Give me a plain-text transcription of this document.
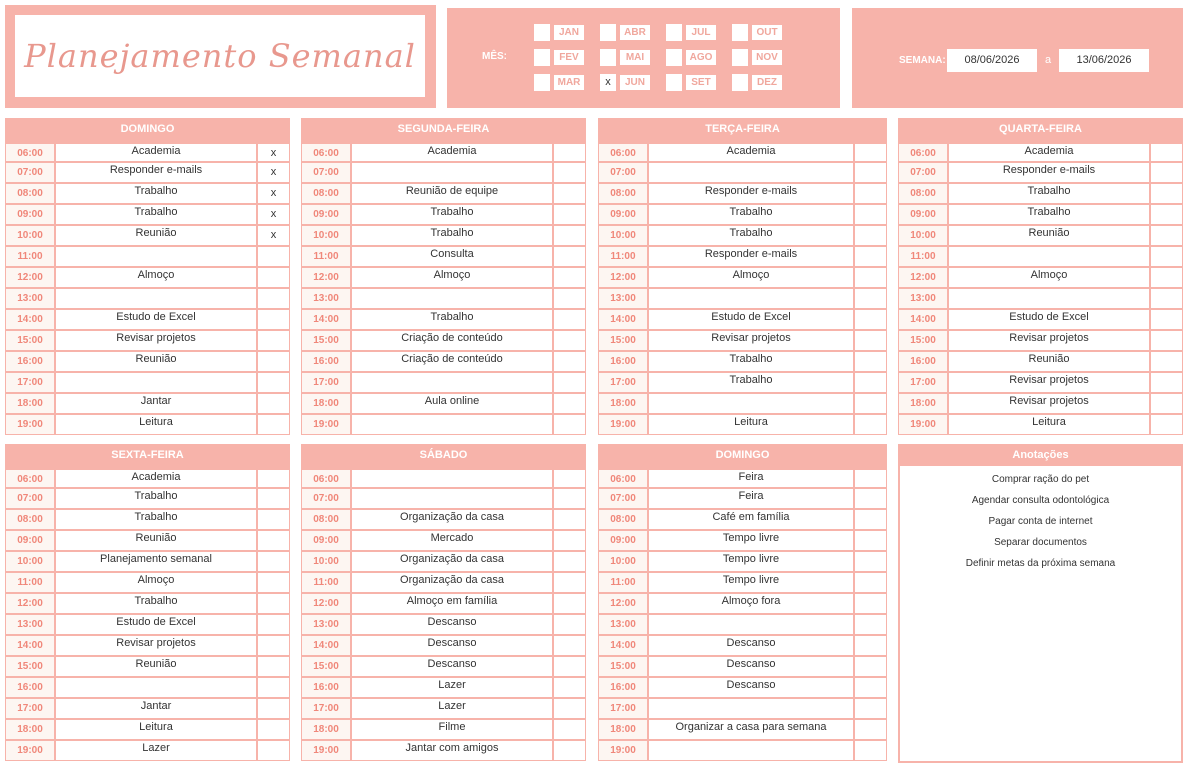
Planejamento Semanal	MÊS:
JAN
FEV
MAR
ABR
MAI
x	JUN
JUL
AGO
SET
OUT
NOV
DEZ
SEMANA:	08/06/2026	a	13/06/2026
DOMINGO
06:00	Academia	x
07:00	Responder e-mails	x
08:00	Trabalho	x
09:00	Trabalho	x
10:00	Reunião	x
11:00
12:00	Almoço
13:00
14:00	Estudo de Excel
15:00	Revisar projetos
16:00	Reunião
17:00
18:00	Jantar
19:00	Leitura
SEGUNDA-FEIRA
06:00	Academia
07:00
08:00	Reunião de equipe
09:00	Trabalho
10:00	Trabalho
11:00	Consulta
12:00	Almoço
13:00
14:00	Trabalho
15:00	Criação de conteúdo
16:00	Criação de conteúdo
17:00
18:00	Aula online
19:00
TERÇA-FEIRA
06:00	Academia
07:00
08:00	Responder e-mails
09:00	Trabalho
10:00	Trabalho
11:00	Responder e-mails
12:00	Almoço
13:00
14:00	Estudo de Excel
15:00	Revisar projetos
16:00	Trabalho
17:00	Trabalho
18:00
19:00	Leitura
QUARTA-FEIRA
06:00	Academia
07:00	Responder e-mails
08:00	Trabalho
09:00	Trabalho
10:00	Reunião
11:00
12:00	Almoço
13:00
14:00	Estudo de Excel
15:00	Revisar projetos
16:00	Reunião
17:00	Revisar projetos
18:00	Revisar projetos
19:00	Leitura
SEXTA-FEIRA
06:00	Academia
07:00	Trabalho
08:00	Trabalho
09:00	Reunião
10:00	Planejamento semanal
11:00	Almoço
12:00	Trabalho
13:00	Estudo de Excel
14:00	Revisar projetos
15:00	Reunião
16:00
17:00	Jantar
18:00	Leitura
19:00	Lazer
SÁBADO
06:00
07:00
08:00	Organização da casa
09:00	Mercado
10:00	Organização da casa
11:00	Organização da casa
12:00	Almoço em família
13:00	Descanso
14:00	Descanso
15:00	Descanso
16:00	Lazer
17:00	Lazer
18:00	Filme
19:00	Jantar com amigos
DOMINGO
06:00	Feira
07:00	Feira
08:00	Café em família
09:00	Tempo livre
10:00	Tempo livre
11:00	Tempo livre
12:00	Almoço fora
13:00
14:00	Descanso
15:00	Descanso
16:00	Descanso
17:00
18:00	Organizar a casa para semana
19:00
Anotações
Comprar ração do pet
Agendar consulta odontológica
Pagar conta de internet
Separar documentos
Definir metas da próxima semana
